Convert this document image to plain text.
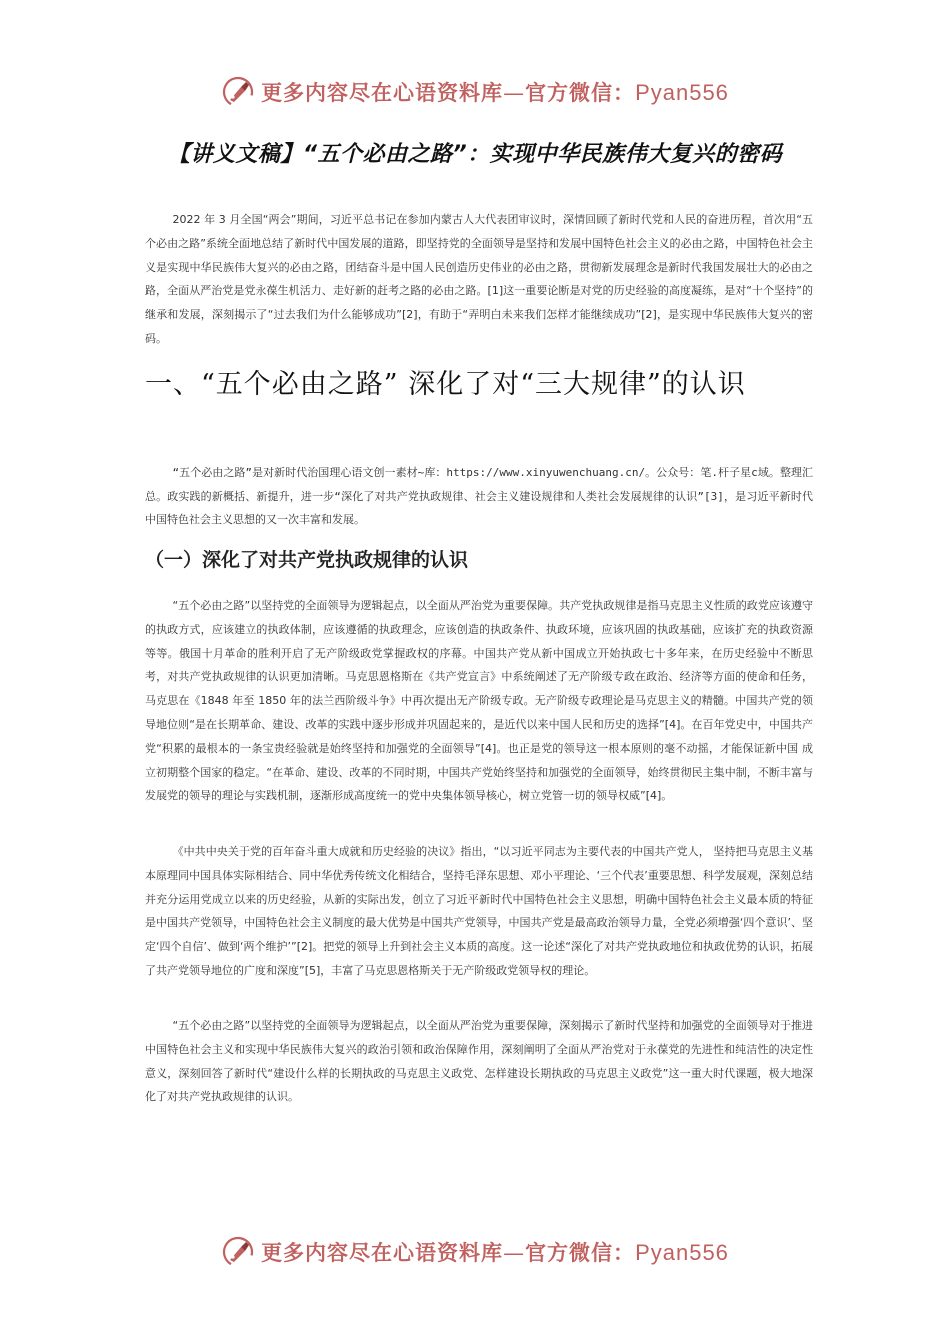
更多内容尽在心语资料库—官方微信：Pyan556
【讲义文稿】“五个必由之路”：实现中华民族伟大复兴的密码

2022 年 3 月全国“两会”期间，习近平总书记在参加内蒙古人大代表团审议时，深情回顾了新时代党和人民的奋进历程，首次用“五个必由之路”系统全面地总结了新时代中国发展的道路，即坚持党的全面领导是坚持和发展中国特色社会主义的必由之路，中国特色社会主义是实现中华民族伟大复兴的必由之路，团结奋斗是中国人民创造历史伟业的必由之路，贯彻新发展理念是新时代我国发展壮大的必由之路，全面从严治党是党永葆生机活力、走好新的赶考之路的必由之路。[1]这一重要论断是对党的历史经验的高度凝练，是对“十个坚持”的继承和发展，深刻揭示了“过去我们为什么能够成功”[2]，有助于“弄明白未来我们怎样才能继续成功”[2]，是实现中华民族伟大复兴的密码。

一、“五个必由之路” 深化了对“三大规律”的认识

“五个必由之路”是对新时代治国理心语文创一素材~库：https://www.xinyuwenchuang.cn/。公众号：笔.杆子星c域。整理汇总。政实践的新概括、新提升，进一步“深化了对共产党执政规律、社会主义建设规律和人类社会发展规律的认识”[3]，是习近平新时代中国特色社会主义思想的又一次丰富和发展。

（一）深化了对共产党执政规律的认识

“五个必由之路”以坚持党的全面领导为逻辑起点，以全面从严治党为重要保障。共产党执政规律是指马克思主义性质的政党应该遵守的执政方式，应该建立的执政体制，应该遵循的执政理念，应该创造的执政条件、执政环境，应该巩固的执政基础，应该扩充的执政资源等等。俄国十月革命的胜利开启了无产阶级政党掌握政权的序幕。中国共产党从新中国成立开始执政七十多年来，在历史经验中不断思考，对共产党执政规律的认识更加清晰。马克思恩格斯在《共产党宣言》中系统阐述了无产阶级专政在政治、经济等方面的使命和任务，马克思在《1848 年至 1850 年的法兰西阶级斗争》中再次提出无产阶级专政。无产阶级专政理论是马克思主义的精髓。中国共产党的领导地位则“是在长期革命、建设、改革的实践中逐步形成并巩固起来的，是近代以来中国人民和历史的选择”[4]。在百年党史中，中国共产党“积累的最根本的一条宝贵经验就是始终坚持和加强党的全面领导”[4]。也正是党的领导这一根本原则的毫不动摇，才能保证新中国 成立初期整个国家的稳定。“在革命、建设、改革的不同时期，中国共产党始终坚持和加强党的全面领导，始终贯彻民主集中制，不断丰富与发展党的领导的理论与实践机制，逐渐形成高度统一的党中央集体领导核心，树立党管一切的领导权威”[4]。

《中共中央关于党的百年奋斗重大成就和历史经验的决议》指出，“以习近平同志为主要代表的中国共产党人， 坚持把马克思主义基本原理同中国具体实际相结合、同中华优秀传统文化相结合，坚持毛泽东思想、邓小平理论、‘三个代表’重要思想、科学发展观，深刻总结并充分运用党成立以来的历史经验，从新的实际出发，创立了习近平新时代中国特色社会主义思想，明确中国特色社会主义最本质的特征是中国共产党领导，中国特色社会主义制度的最大优势是中国共产党领导，中国共产党是最高政治领导力量，全党必须增强‘四个意识’、坚定‘四个自信’、做到‘两个维护’”[2]。把党的领导上升到社会主义本质的高度。这一论述“深化了对共产党执政地位和执政优势的认识，拓展了共产党领导地位的广度和深度”[5]，丰富了马克思恩格斯关于无产阶级政党领导权的理论。

“五个必由之路”以坚持党的全面领导为逻辑起点，以全面从严治党为重要保障，深刻揭示了新时代坚持和加强党的全面领导对于推进中国特色社会主义和实现中华民族伟大复兴的政治引领和政治保障作用，深刻阐明了全面从严治党对于永葆党的先进性和纯洁性的决定性意义，深刻回答了新时代“建设什么样的长期执政的马克思主义政党、怎样建设长期执政的马克思主义政党”这一重大时代课题，极大地深化了对共产党执政规律的认识。

更多内容尽在心语资料库—官方微信：Pyan556
